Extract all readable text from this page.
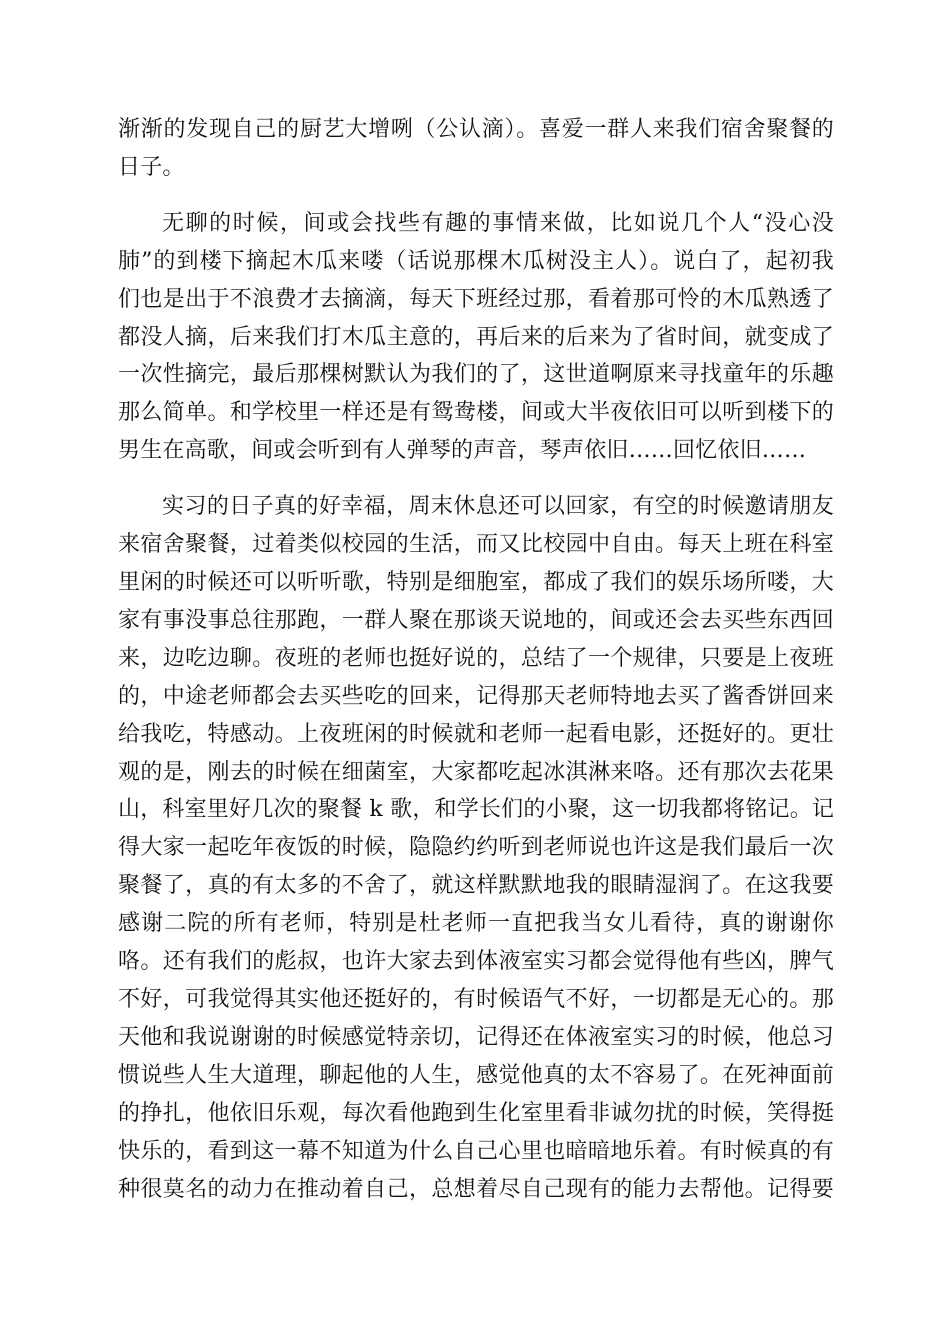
渐渐的发现自己的厨艺大增咧（公认滴）。喜爱一群人来我们宿舍聚餐的
日子。
无聊的时候，间或会找些有趣的事情来做，比如说几个人“没心没
肺”的到楼下摘起木瓜来喽（话说那棵木瓜树没主人）。说白了，起初我
们也是出于不浪费才去摘滴，每天下班经过那，看着那可怜的木瓜熟透了
都没人摘，后来我们打木瓜主意的，再后来的后来为了省时间，就变成了
一次性摘完，最后那棵树默认为我们的了，这世道啊原来寻找童年的乐趣
那么简单。和学校里一样还是有鸳鸯楼，间或大半夜依旧可以听到楼下的
男生在高歌，间或会听到有人弹琴的声音，琴声依旧……回忆依旧……
实习的日子真的好幸福，周末休息还可以回家，有空的时候邀请朋友
来宿舍聚餐，过着类似校园的生活，而又比校园中自由。每天上班在科室
里闲的时候还可以听听歌，特别是细胞室，都成了我们的娱乐场所喽，大
家有事没事总往那跑，一群人聚在那谈天说地的，间或还会去买些东西回
来，边吃边聊。夜班的老师也挺好说的，总结了一个规律，只要是上夜班
的，中途老师都会去买些吃的回来，记得那天老师特地去买了酱香饼回来
给我吃，特感动。上夜班闲的时候就和老师一起看电影，还挺好的。更壮
观的是，刚去的时候在细菌室，大家都吃起冰淇淋来咯。还有那次去花果
山，科室里好几次的聚餐 k 歌，和学长们的小聚，这一切我都将铭记。记
得大家一起吃年夜饭的时候，隐隐约约听到老师说也许这是我们最后一次
聚餐了，真的有太多的不舍了，就这样默默地我的眼睛湿润了。在这我要
感谢二院的所有老师，特别是杜老师一直把我当女儿看待，真的谢谢你
咯。还有我们的彪叔，也许大家去到体液室实习都会觉得他有些凶，脾气
不好，可我觉得其实他还挺好的，有时候语气不好，一切都是无心的。那
天他和我说谢谢的时候感觉特亲切，记得还在体液室实习的时候，他总习
惯说些人生大道理，聊起他的人生，感觉他真的太不容易了。在死神面前
的挣扎，他依旧乐观，每次看他跑到生化室里看非诚勿扰的时候，笑得挺
快乐的，看到这一幕不知道为什么自己心里也暗暗地乐着。有时候真的有
种很莫名的动力在推动着自己，总想着尽自己现有的能力去帮他。记得要
